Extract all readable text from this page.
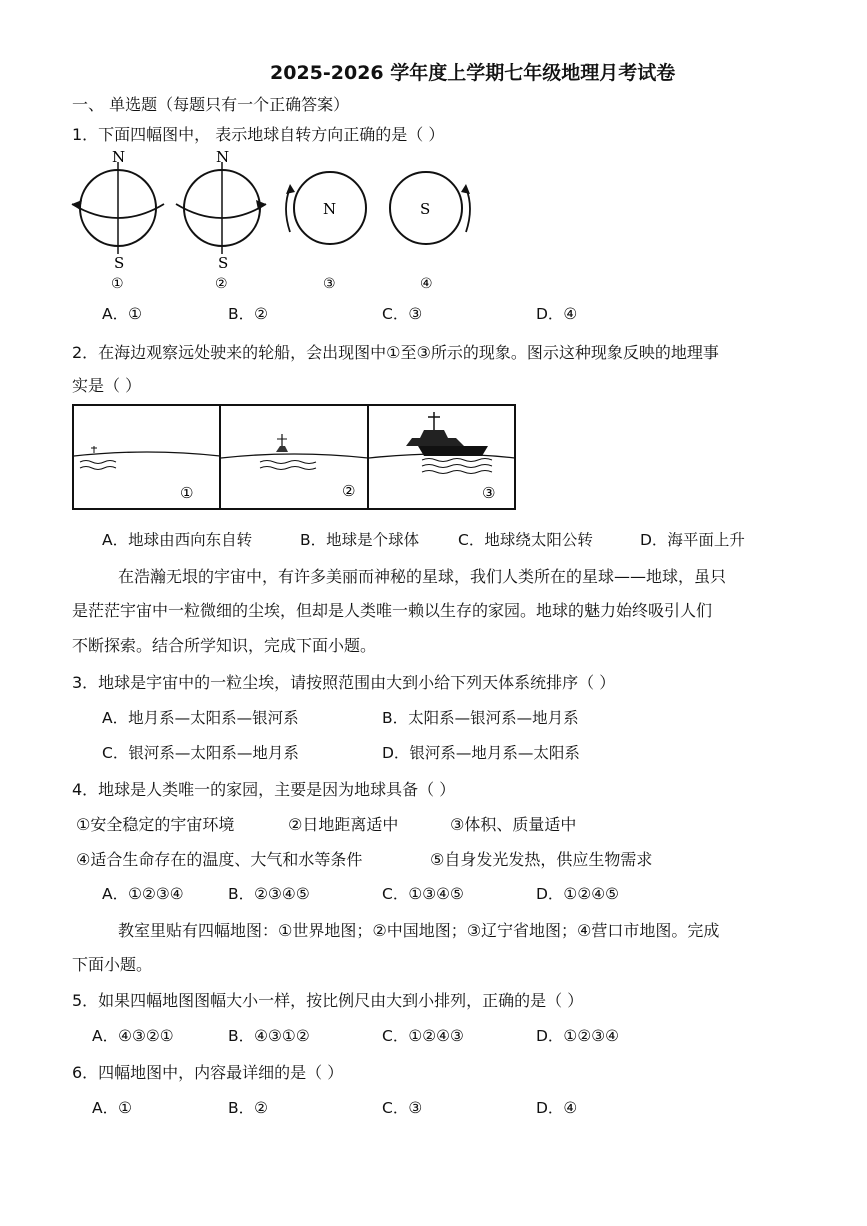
2025-2026 学年度上学期七年级地理月考试卷
一、 单选题（每题只有一个正确答案）
1．下面四幅图中， 表示地球自转方向正确的是（ ）
N
S
N
S
N	S
①	②	③	④
A．①	B．②	C．③	D．④
2．在海边观察远处驶来的轮船，会出现图中①至③所示的现象。图示这种现象反映的地理事
实是（ ）
①	②	③
A．地球由西向东自转	B．地球是个球体	C．地球绕太阳公转	D．海平面上升
在浩瀚无垠的宇宙中，有许多美丽而神秘的星球，我们人类所在的星球——地球，虽只
是茫茫宇宙中一粒微细的尘埃，但却是人类唯一赖以生存的家园。地球的魅力始终吸引人们
不断探索。结合所学知识，完成下面小题。
3．地球是宇宙中的一粒尘埃，请按照范围由大到小给下列天体系统排序（ ）
A．地月系—太阳系—银河系	B．太阳系—银河系—地月系
C．银河系—太阳系—地月系	D．银河系—地月系—太阳系
4．地球是人类唯一的家园，主要是因为地球具备（ ）
①安全稳定的宇宙环境	②日地距离适中	③体积、质量适中
④适合生命存在的温度、大气和水等条件	⑤自身发光发热，供应生物需求
A．①②③④	B．②③④⑤	C．①③④⑤	D．①②④⑤
教室里贴有四幅地图：①世界地图；②中国地图；③辽宁省地图；④营口市地图。完成
下面小题。
5．如果四幅地图图幅大小一样，按比例尺由大到小排列，正确的是（ ）
A．④③②①	B．④③①②	C．①②④③	D．①②③④
6．四幅地图中，内容最详细的是（ ）
A．①	B．②	C．③	D．④
